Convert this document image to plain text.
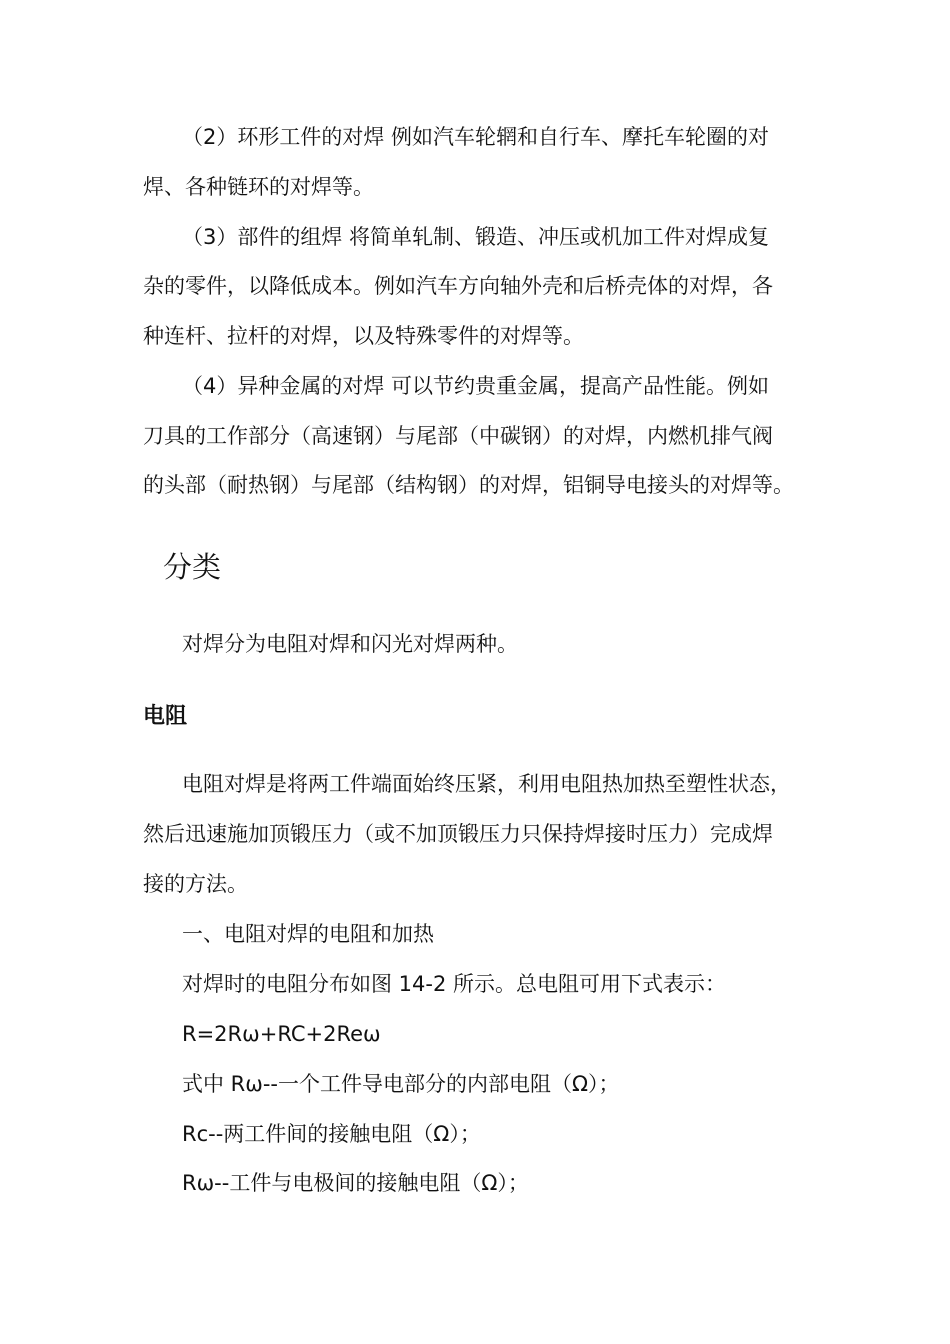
（2）环形工件的对焊 例如汽车轮辋和自行车、摩托车轮圈的对
焊、各种链环的对焊等。
（3）部件的组焊 将简单轧制、锻造、冲压或机加工件对焊成复
杂的零件，以降低成本。例如汽车方向轴外壳和后桥壳体的对焊，各
种连杆、拉杆的对焊，以及特殊零件的对焊等。
（4）异种金属的对焊 可以节约贵重金属，提高产品性能。例如
刀具的工作部分（高速钢）与尾部（中碳钢）的对焊，内燃机排气阀
的头部（耐热钢）与尾部（结构钢）的对焊，铝铜导电接头的对焊等。
分类
对焊分为电阻对焊和闪光对焊两种。
电阻
电阻对焊是将两工件端面始终压紧，利用电阻热加热至塑性状态，
然后迅速施加顶锻压力（或不加顶锻压力只保持焊接时压力）完成焊
接的方法。
一、电阻对焊的电阻和加热
对焊时的电阻分布如图 14-2 所示。总电阻可用下式表示：
R=2Rω+RC+2Reω
式中 Rω--一个工件导电部分的内部电阻（Ω）；
Rc--两工件间的接触电阻（Ω）；
Rω--工件与电极间的接触电阻（Ω）；
